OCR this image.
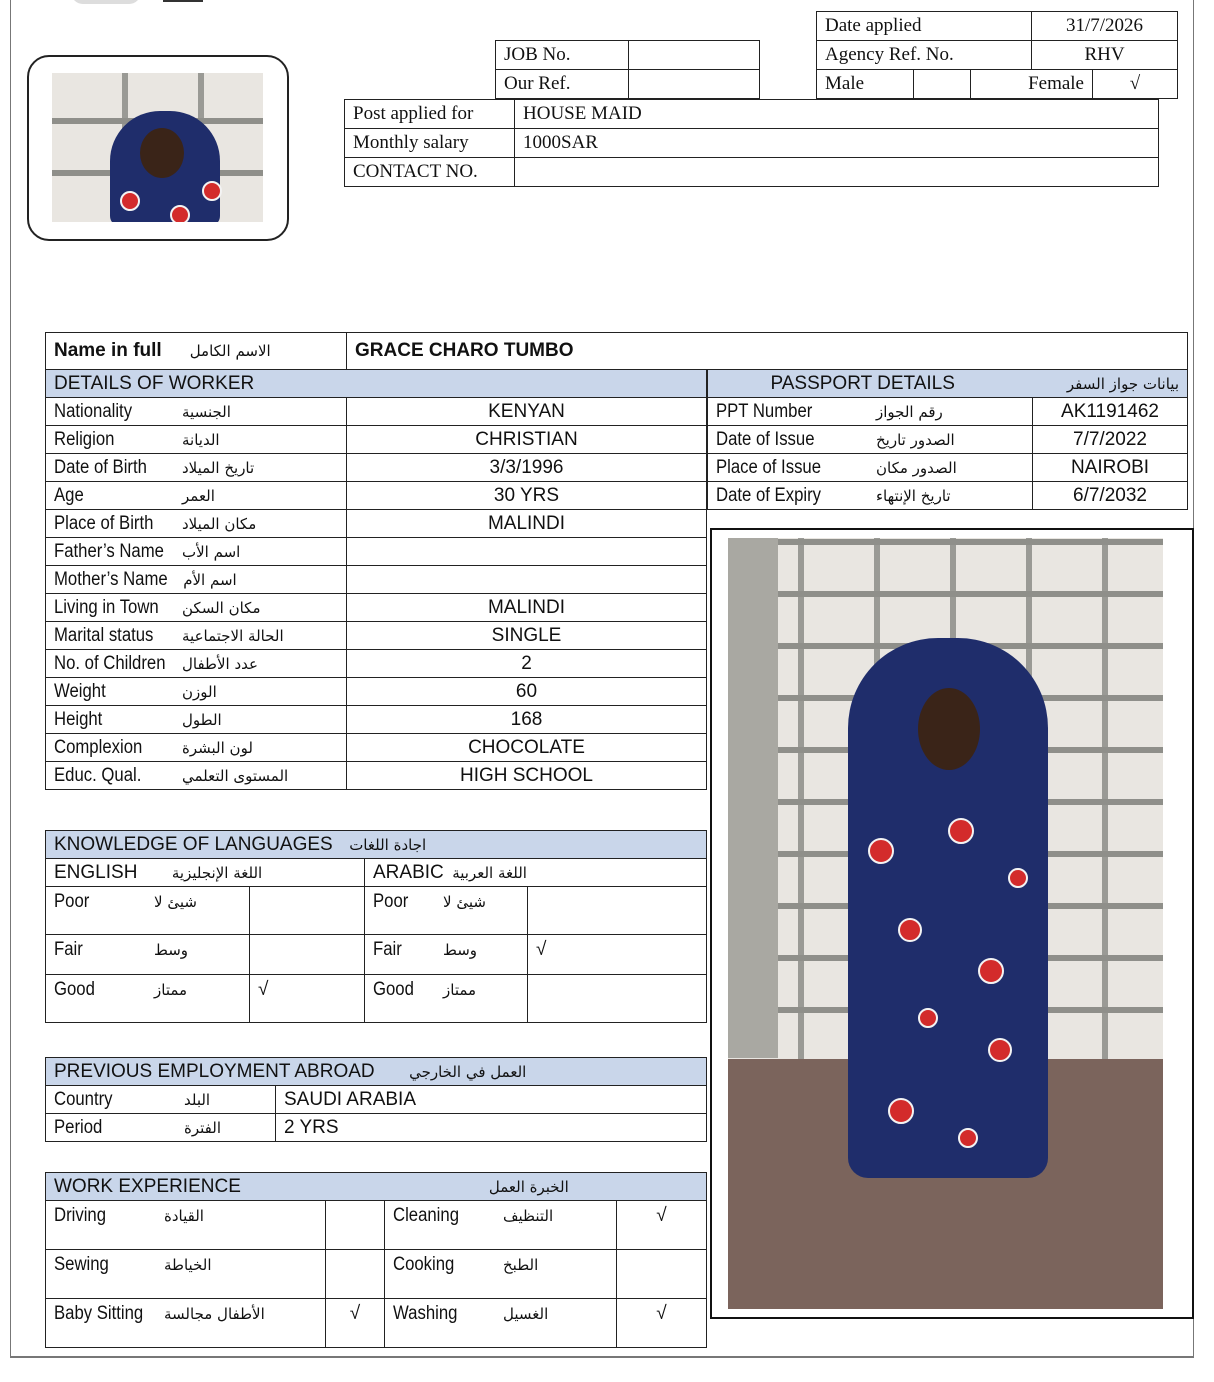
JOB No.	
Our Ref.	
Date applied			31/7/2026	
Agency Ref. No.			RHV	
Male		Female		√
Post applied for	HOUSE MAID
Monthly salary	1000SAR
CONTACT NO.	
Name in full الاسم الكامل	GRACE CHARO TUMBO
DETAILS OF WORKER	

Nationality الجنسية	KENYAN

Religion الديانة	CHRISTIAN

Date of Birth تاريخ الميلاد	3/3/1996

Age العمر	30 YRS

Place of Birth مكان الميلاد	MALINDI

Father’s Name اسم الأب	

Mother’s Name اسم الأم	

Living in Town مكان السكن	MALINDI

Marital status الحالة الاجتماعية	SINGLE

No. of Children عدد الأطفال	2

Weight الوزن	60

Height الطول	168

Complexion لون البشرة	CHOCOLATE

Educ. Qual. المستوى التعلمي	HIGH SCHOOL
PASSPORT DETAILS بيانات جواز السفر	

PPT Number رقم الجواز	AK1191462

Date of Issue الصدور تاريخ	7/7/2022

Place of Issue الصدور مكان	NAIROBI

Date of Expiry تاريخ الإنتهاء	6/7/2032
KNOWLEDGE OF LANGUAGES اجادة اللغات			
ENGLISH اللغة الإنجليزية		ARABIC اللغة العربية	

Poor شيئ لا		Poor شيئ لا	

Fair وسط		Fair وسط	√

Good ممتاز	√	Good ممتاز	

PREVIOUS EMPLOYMENT ABROAD العمل في الخارجي	

Country البلد	SAUDI ARABIA

Period الفترة	2 YRS
WORK EXPERIENCE الخبرة العمل			

Driving القيادة		Cleaning التنظيف	√

Sewing الخياطة		Cooking الطبخ	

Baby Sitting الأطفال مجالسة	√	Washing الغسيل	√
